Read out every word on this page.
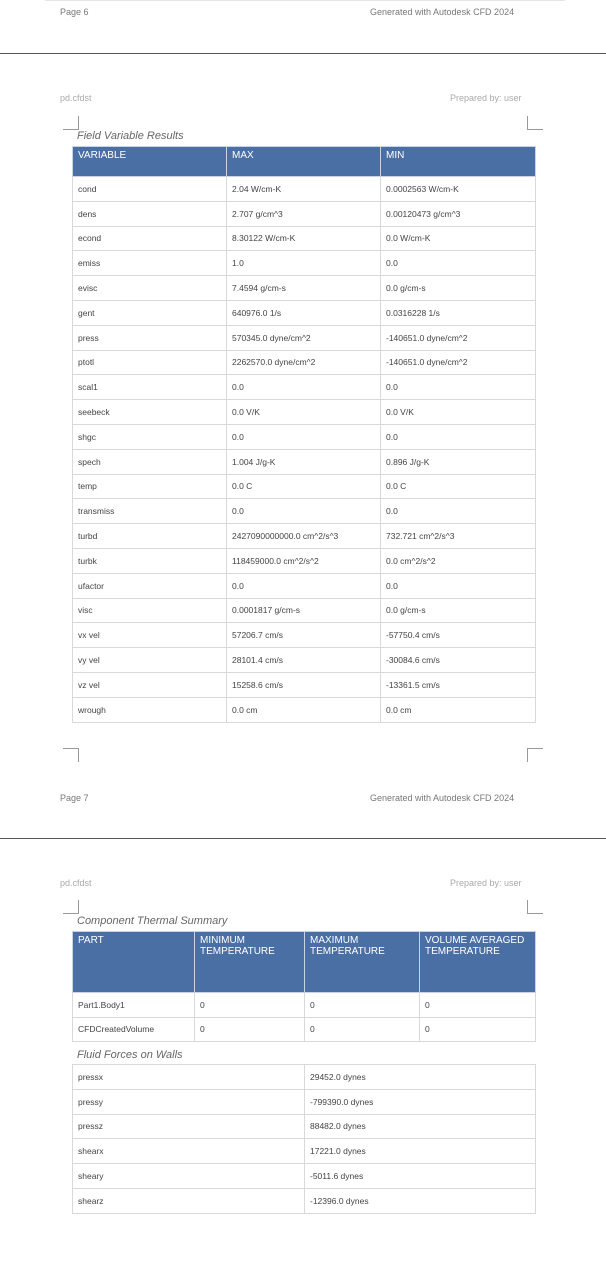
Page 6	Generated with Autodesk CFD 2024
pd.cfdst	Prepared by: user
Field Variable Results
VARIABLE	MAX	MIN
cond	2.04 W/cm-K	0.0002563 W/cm-K
dens	2.707 g/cm^3	0.00120473 g/cm^3
econd	8.30122 W/cm-K	0.0 W/cm-K
emiss	1.0	0.0
evisc	7.4594 g/cm-s	0.0 g/cm-s
gent	640976.0 1/s	0.0316228 1/s
press	570345.0 dyne/cm^2	-140651.0 dyne/cm^2
ptotl	2262570.0 dyne/cm^2	-140651.0 dyne/cm^2
scal1	0.0	0.0
seebeck	0.0 V/K	0.0 V/K
shgc	0.0	0.0
spech	1.004 J/g-K	0.896 J/g-K
temp	0.0 C	0.0 C
transmiss	0.0	0.0
turbd	2427090000000.0 cm^2/s^3	732.721 cm^2/s^3
turbk	118459000.0 cm^2/s^2	0.0 cm^2/s^2
ufactor	0.0	0.0
visc	0.0001817 g/cm-s	0.0 g/cm-s
vx vel	57206.7 cm/s	-57750.4 cm/s
vy vel	28101.4 cm/s	-30084.6 cm/s
vz vel	15258.6 cm/s	-13361.5 cm/s
wrough	0.0 cm	0.0 cm
Page 7	Generated with Autodesk CFD 2024
pd.cfdst	Prepared by: user
Component Thermal Summary
PART	MINIMUM TEMPERATURE	MAXIMUM TEMPERATURE	VOLUME AVERAGED TEMPERATURE
Part1.Body1	0	0	0
CFDCreatedVolume	0	0	0
Fluid Forces on Walls
pressx	29452.0 dynes
pressy	-799390.0 dynes
pressz	88482.0 dynes
shearx	17221.0 dynes
sheary	-5011.6 dynes
shearz	-12396.0 dynes
